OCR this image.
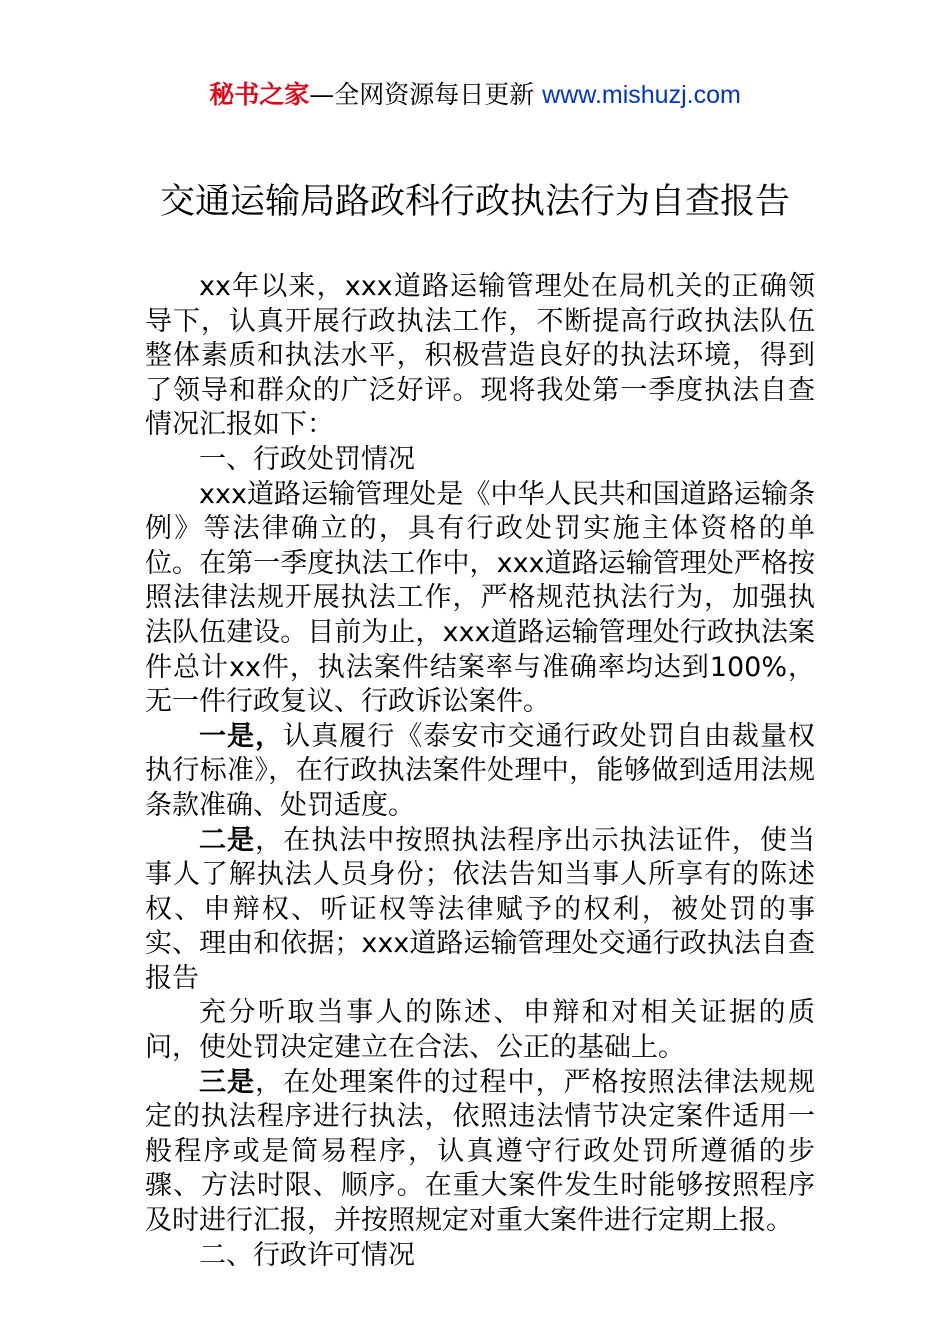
秘书之家—全网资源每日更新 www.mishuzj.com
交通运输局路政科行政执法行为自查报告

xx年以来，xxx道路运输管理处在局机关的正确领导下，认真开展行政执法工作，不断提高行政执法队伍整体素质和执法水平，积极营造良好的执法环境，得到了领导和群众的广泛好评。现将我处第一季度执法自查情况汇报如下：

一、行政处罚情况

xxx道路运输管理处是《中华人民共和国道路运输条例》等法律确立的，具有行政处罚实施主体资格的单位。在第一季度执法工作中，xxx道路运输管理处严格按照法律法规开展执法工作，严格规范执法行为，加强执法队伍建设。目前为止，xxx道路运输管理处行政执法案件总计xx件，执法案件结案率与准确率均达到100%，无一件行政复议、行政诉讼案件。

一是，认真履行《泰安市交通行政处罚自由裁量权执行标准》，在行政执法案件处理中，能够做到适用法规条款准确、处罚适度。

二是，在执法中按照执法程序出示执法证件，使当事人了解执法人员身份；依法告知当事人所享有的陈述权、申辩权、听证权等法律赋予的权利，被处罚的事实、理由和依据；xxx道路运输管理处交通行政执法自查报告

充分听取当事人的陈述、申辩和对相关证据的质问，使处罚决定建立在合法、公正的基础上。

三是，在处理案件的过程中，严格按照法律法规规定的执法程序进行执法，依照违法情节决定案件适用一般程序或是简易程序，认真遵守行政处罚所遵循的步骤、方法时限、顺序。在重大案件发生时能够按照程序及时进行汇报，并按照规定对重大案件进行定期上报。

二、行政许可情况
